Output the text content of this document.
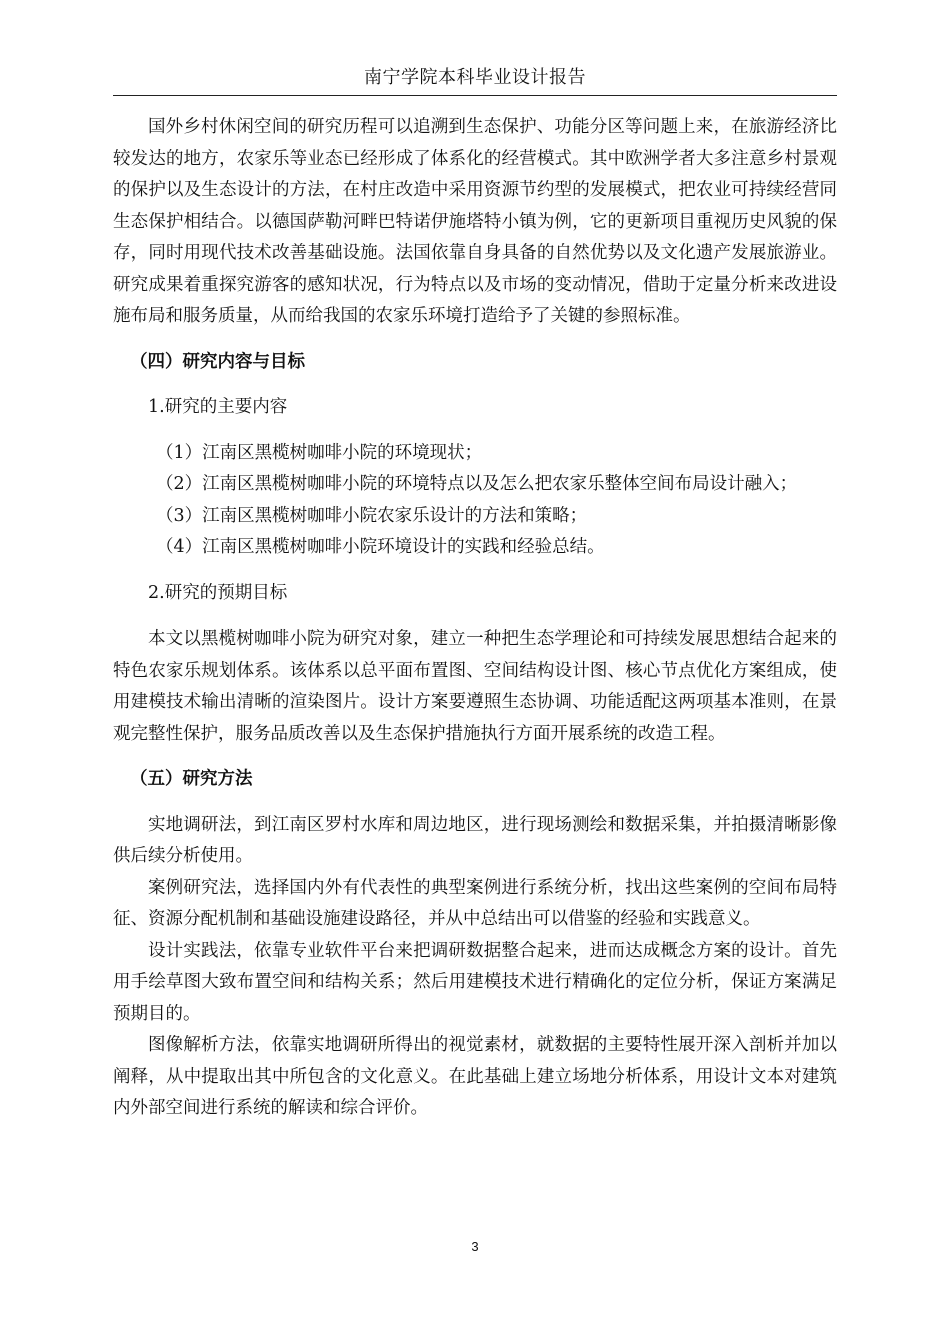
南宁学院本科毕业设计报告

国外乡村休闲空间的研究历程可以追溯到生态保护、功能分区等问题上来，在旅游经济比较发达的地方，农家乐等业态已经形成了体系化的经营模式。其中欧洲学者大多注意乡村景观的保护以及生态设计的方法，在村庄改造中采用资源节约型的发展模式，把农业可持续经营同生态保护相结合。以德国萨勒河畔巴特诺伊施塔特小镇为例，它的更新项目重视历史风貌的保存，同时用现代技术改善基础设施。法国依靠自身具备的自然优势以及文化遗产发展旅游业。研究成果着重探究游客的感知状况，行为特点以及市场的变动情况，借助于定量分析来改进设施布局和服务质量，从而给我国的农家乐环境打造给予了关键的参照标准。

（四）研究内容与目标

1.研究的主要内容

（1）江南区黑榄树咖啡小院的环境现状；

（2）江南区黑榄树咖啡小院的环境特点以及怎么把农家乐整体空间布局设计融入；

（3）江南区黑榄树咖啡小院农家乐设计的方法和策略；

（4）江南区黑榄树咖啡小院环境设计的实践和经验总结。

2.研究的预期目标

本文以黑榄树咖啡小院为研究对象，建立一种把生态学理论和可持续发展思想结合起来的特色农家乐规划体系。该体系以总平面布置图、空间结构设计图、核心节点优化方案组成，使用建模技术输出清晰的渲染图片。设计方案要遵照生态协调、功能适配这两项基本准则，在景观完整性保护，服务品质改善以及生态保护措施执行方面开展系统的改造工程。

（五）研究方法

实地调研法，到江南区罗村水库和周边地区，进行现场测绘和数据采集，并拍摄清晰影像供后续分析使用。

案例研究法，选择国内外有代表性的典型案例进行系统分析，找出这些案例的空间布局特征、资源分配机制和基础设施建设路径，并从中总结出可以借鉴的经验和实践意义。

设计实践法，依靠专业软件平台来把调研数据整合起来，进而达成概念方案的设计。首先用手绘草图大致布置空间和结构关系；然后用建模技术进行精确化的定位分析，保证方案满足预期目的。

图像解析方法，依靠实地调研所得出的视觉素材，就数据的主要特性展开深入剖析并加以阐释，从中提取出其中所包含的文化意义。在此基础上建立场地分析体系，用设计文本对建筑内外部空间进行系统的解读和综合评价。

3
